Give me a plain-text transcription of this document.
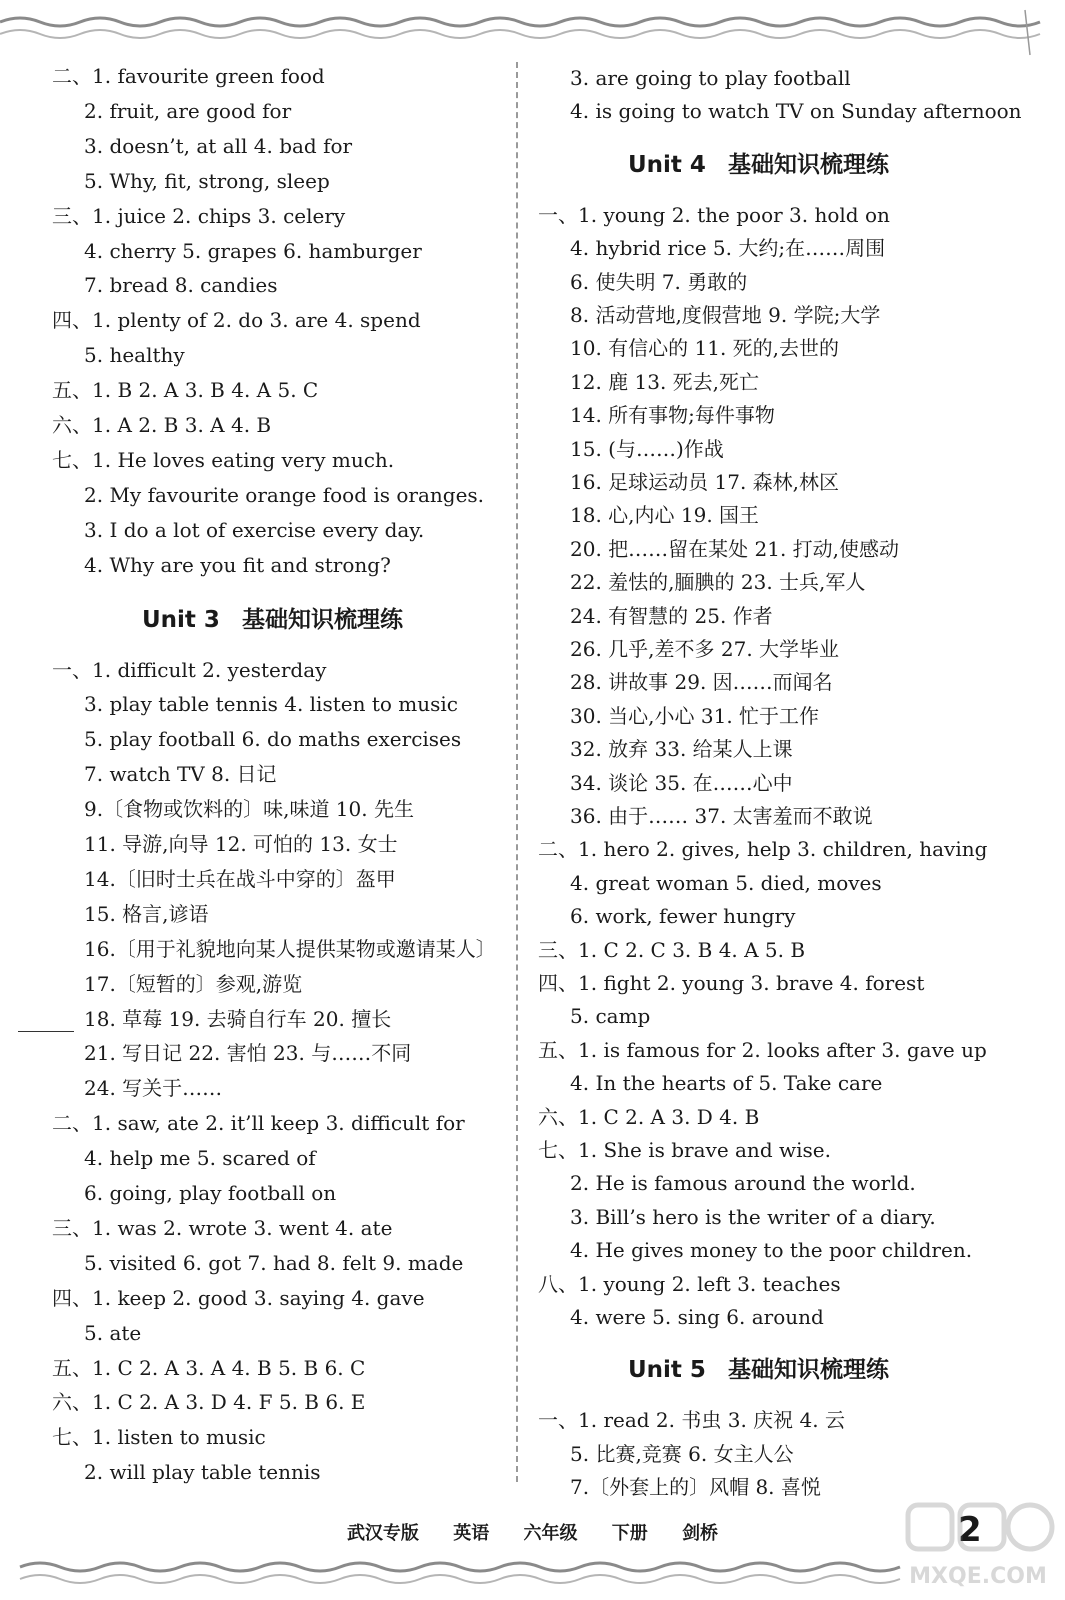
二、1. favourite green food
2. fruit, are good for
3. doesn’t, at all 4. bad for
5. Why, fit, strong, sleep
三、1. juice 2. chips 3. celery
4. cherry 5. grapes 6. hamburger
7. bread 8. candies
四、1. plenty of 2. do 3. are 4. spend
5. healthy
五、1. B 2. A 3. B 4. A 5. C
六、1. A 2. B 3. A 4. B
七、1. He loves eating very much.
2. My favourite orange food is oranges.
3. I do a lot of exercise every day.
4. Why are you fit and strong?
Unit 3 基础知识梳理练
一、1. difficult 2. yesterday
3. play table tennis 4. listen to music
5. play football 6. do maths exercises
7. watch TV 8. 日记
9.〔食物或饮料的〕味,味道 10. 先生
11. 导游,向导 12. 可怕的 13. 女士
14.〔旧时士兵在战斗中穿的〕盔甲
15. 格言,谚语
16.〔用于礼貌地向某人提供某物或邀请某人〕
17.〔短暂的〕参观,游览
18. 草莓 19. 去骑自行车 20. 擅长
21. 写日记 22. 害怕 23. 与……不同
24. 写关于……
二、1. saw, ate 2. it’ll keep 3. difficult for
4. help me 5. scared of
6. going, play football on
三、1. was 2. wrote 3. went 4. ate
5. visited 6. got 7. had 8. felt 9. made
四、1. keep 2. good 3. saying 4. gave
5. ate
五、1. C 2. A 3. A 4. B 5. B 6. C
六、1. C 2. A 3. D 4. F 5. B 6. E
七、1. listen to music
2. will play table tennis
3. are going to play football
4. is going to watch TV on Sunday afternoon
Unit 4 基础知识梳理练
一、1. young 2. the poor 3. hold on
4. hybrid rice 5. 大约;在……周围
6. 使失明 7. 勇敢的
8. 活动营地,度假营地 9. 学院;大学
10. 有信心的 11. 死的,去世的
12. 鹿 13. 死去,死亡
14. 所有事物;每件事物
15. (与……)作战
16. 足球运动员 17. 森林,林区
18. 心,内心 19. 国王
20. 把……留在某处 21. 打动,使感动
22. 羞怯的,腼腆的 23. 士兵,军人
24. 有智慧的 25. 作者
26. 几乎,差不多 27. 大学毕业
28. 讲故事 29. 因……而闻名
30. 当心,小心 31. 忙于工作
32. 放弃 33. 给某人上课
34. 谈论 35. 在……心中
36. 由于…… 37. 太害羞而不敢说
二、1. hero 2. gives, help 3. children, having
4. great woman 5. died, moves
6. work, fewer hungry
三、1. C 2. C 3. B 4. A 5. B
四、1. fight 2. young 3. brave 4. forest
5. camp
五、1. is famous for 2. looks after 3. gave up
4. In the hearts of 5. Take care
六、1. C 2. A 3. D 4. B
七、1. She is brave and wise.
2. He is famous around the world.
3. Bill’s hero is the writer of a diary.
4. He gives money to the poor children.
八、1. young 2. left 3. teaches
4. were 5. sing 6. around
Unit 5 基础知识梳理练
一、1. read 2. 书虫 3. 庆祝 4. 云
5. 比赛,竞赛 6. 女主人公
7.〔外套上的〕风帽 8. 喜悦
武汉专版 英语 六年级 下册 剑桥	2
MXQE.COM
